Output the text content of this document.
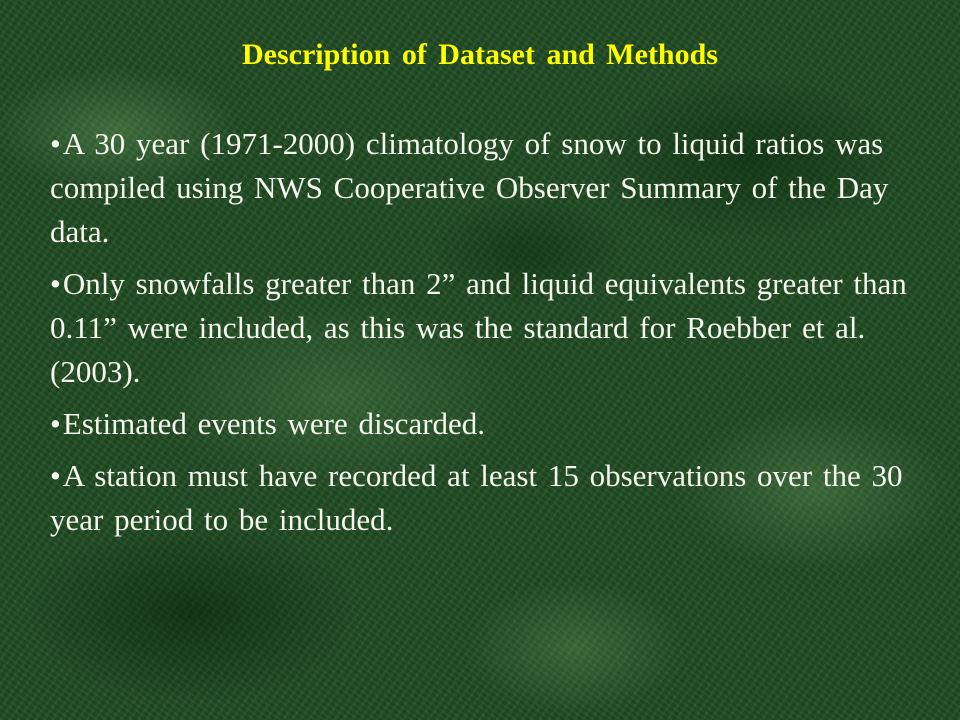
Description of Dataset and Methods
•A 30 year (1971-2000) climatology of snow to liquid ratios was compiled using NWS Cooperative Observer Summary of the Day data.
•Only snowfalls greater than 2” and liquid equivalents greater than 0.11” were included, as this was the standard for Roebber et al. (2003).
•Estimated events were discarded.
•A station must have recorded at least 15 observations over the 30 year period to be included.
